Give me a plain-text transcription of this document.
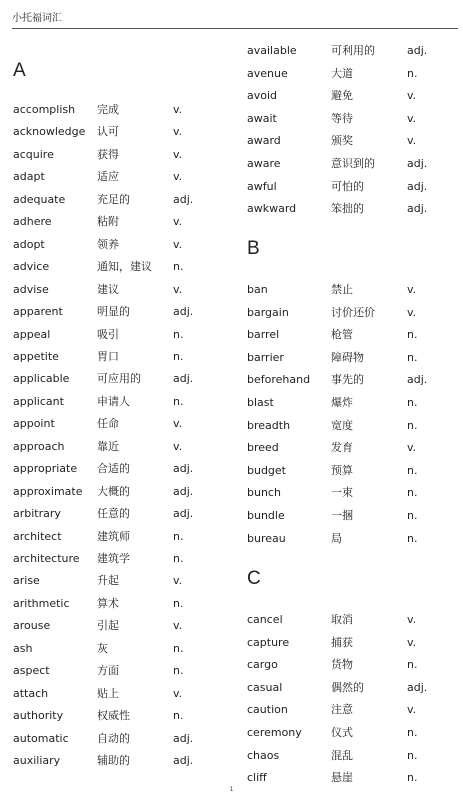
小托福词汇
A
accomplish 完成	v.
acknowledge 认可	v.
acquire	获得	v.
adapt	适应	v.
adequate	充足的	adj.
adhere	粘附	v.
adopt	领养	v.
advice	通知，建议 n.
advise	建议	v.
apparent	明显的	adj.
appeal	吸引	n.
appetite	胃口	n.
applicable	可应用的	adj.
applicant	申请人	n.
appoint	任命	v.
approach	靠近	v.
appropriate 合适的	adj.
approximate 大概的	adj.
arbitrary	任意的	adj.
architect	建筑师	n.
architecture 建筑学	n.
arise	升起	v.
arithmetic 算术	n.
arouse	引起	v.
ash	灰	n.
aspect	方面	n.
attach	贴上	v.
authority	权威性	n.
automatic	自动的	adj.
auxiliary	辅助的	adj.
available	可利用的	adj.
avenue	大道	n.
avoid	避免	v.
await	等待	v.
award	颁奖	v.
aware	意识到的	adj.
awful	可怕的	adj.
awkward	笨拙的	adj.
B
ban	禁止	v.
bargain	讨价还价	v.
barrel	枪管	n.
barrier	障碍物	n.
beforehand 事先的	adj.
blast	爆炸	n.
breadth	宽度	n.
breed	发育	v.
budget	预算	n.
bunch	一束	n.
bundle	一捆	n.
bureau	局	n.
C
cancel	取消	v.
capture	捕获	v.
cargo	货物	n.
casual	偶然的	adj.
caution	注意	v.
ceremony	仪式	n.
chaos	混乱	n.
cliff	悬崖	n.
1
